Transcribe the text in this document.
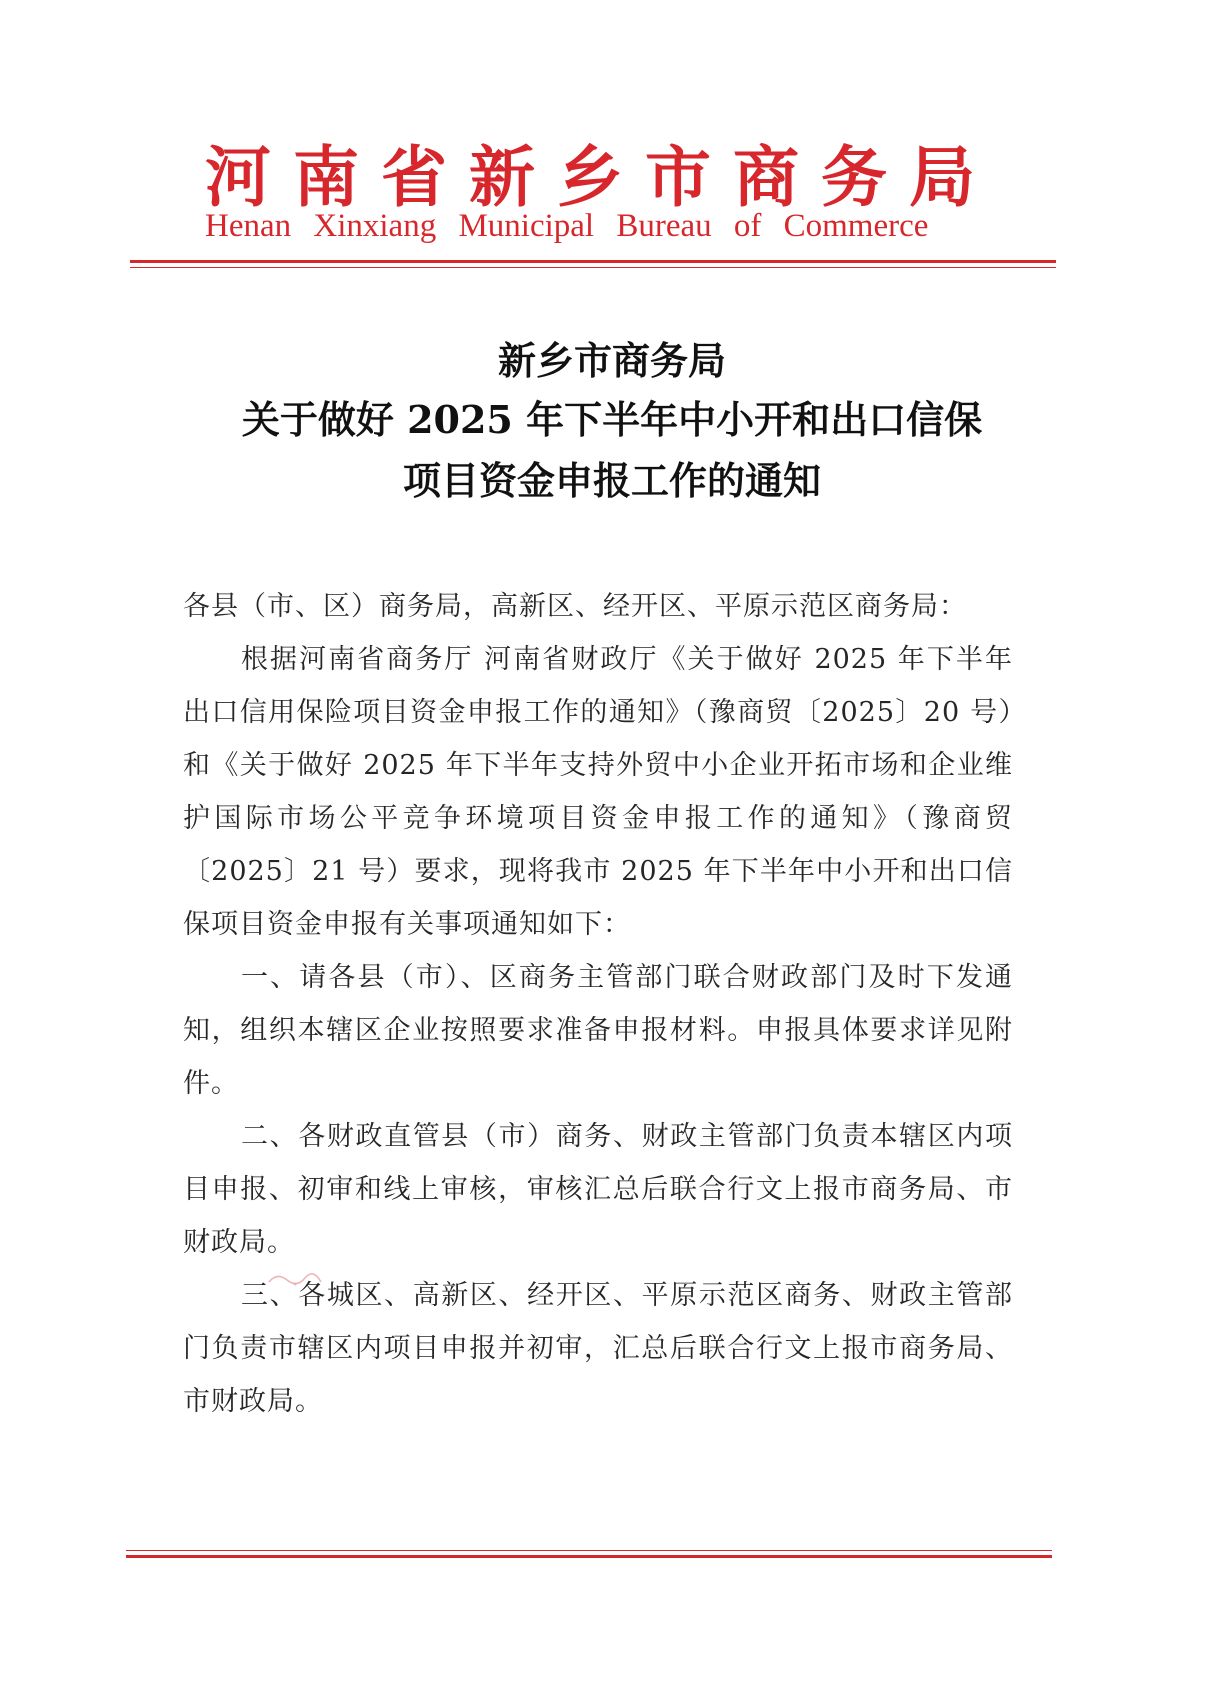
河南省新乡市商务局
Henan Xinxiang Municipal Bureau of Commerce
新乡市商务局
关于做好 2025 年下半年中小开和出口信保
项目资金申报工作的通知

各县（市、区）商务局，高新区、经开区、平原示范区商务局：

根据河南省商务厅 河南省财政厅《关于做好 2025 年下半年出口信用保险项目资金申报工作的通知》（豫商贸〔2025〕20 号）和《关于做好 2025 年下半年支持外贸中小企业开拓市场和企业维护国际市场公平竞争环境项目资金申报工作的通知》（豫商贸〔2025〕21 号）要求，现将我市 2025 年下半年中小开和出口信保项目资金申报有关事项通知如下：

一、请各县（市）、区商务主管部门联合财政部门及时下发通知，组织本辖区企业按照要求准备申报材料。申报具体要求详见附件。

二、各财政直管县（市）商务、财政主管部门负责本辖区内项目申报、初审和线上审核，审核汇总后联合行文上报市商务局、市财政局。

三、各城区、高新区、经开区、平原示范区商务、财政主管部门负责市辖区内项目申报并初审，汇总后联合行文上报市商务局、市财政局。
